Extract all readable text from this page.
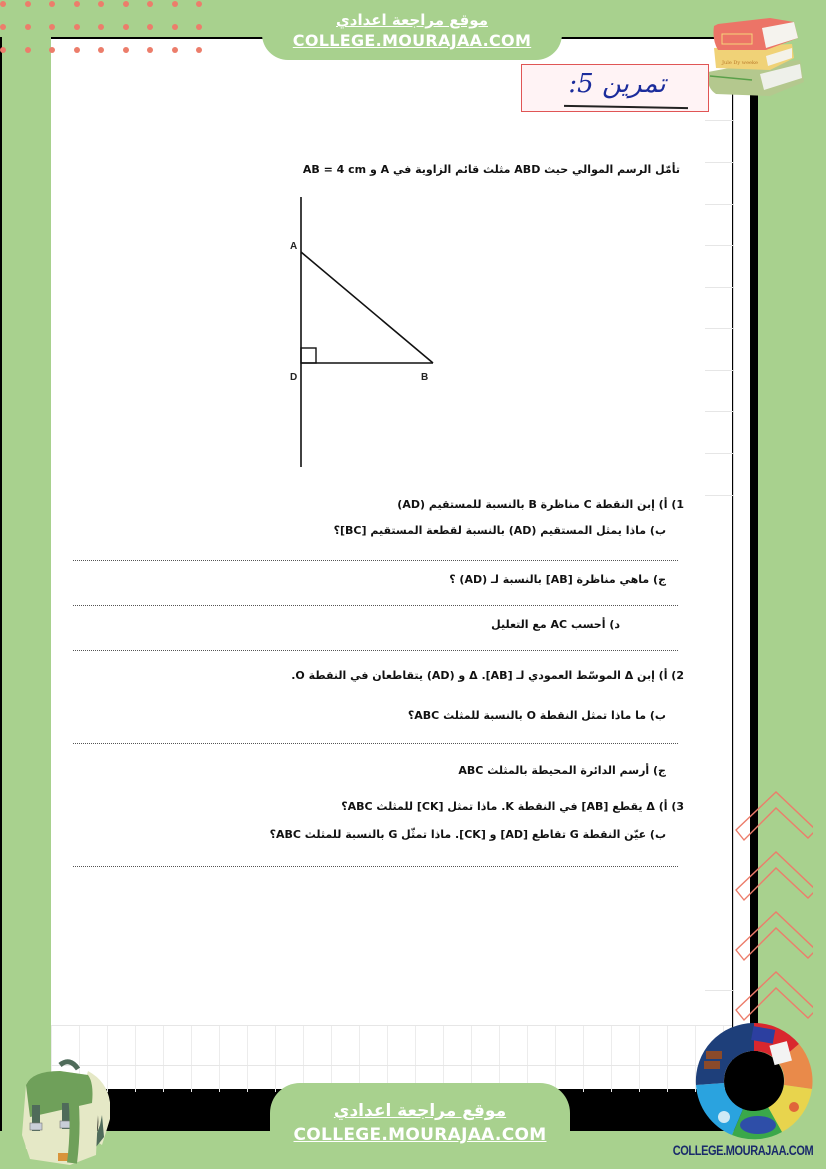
موقع مراجعة اعدادي
COLLEGE.MOURAJAA.COM
Jule Dy weeke
تمرين 5:
تأمّل الرسم الموالي حيث ABD مثلث قائم الزاوية في A و AB = 4 cm
A
D	B
1) أ) إبن النقطة C مناظرة B بالنسبة للمستقيم (AD)
ب) ماذا يمثل المستقيم (AD) بالنسبة لقطعة المستقيم [BC]؟
ج) ماهي مناظرة [AB] بالنسبة لـ (AD) ؟
د) أحسب AC مع التعليل
2) أ) إبن Δ الموسّط العمودي لـ [AB]. Δ و (AD) يتقاطعان في النقطة O.
ب) ما ماذا تمثل النقطة O بالنسبة للمثلث ABC؟
ج) أرسم الدائرة المحيطة بالمثلث ABC
3) أ) Δ يقطع [AB] في النقطة K. ماذا تمثل [CK] للمثلث ABC؟
ب) عيّن النقطة G تقاطع [AD] و [CK]. ماذا تمثّل G بالنسبة للمثلث ABC؟
موقع مراجعة اعدادي
COLLEGE.MOURAJAA.COM
COLLEGE.MOURAJAA.COM
